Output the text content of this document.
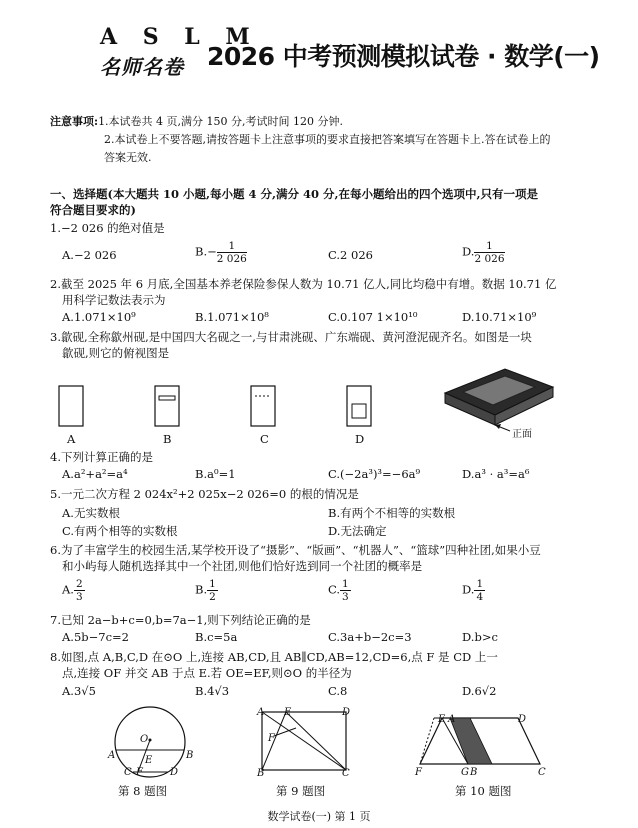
A S L M
名师名卷 2026 中考预测模拟试卷 · 数学(一)
注意事项:1.本试卷共 4 页,满分 150 分,考试时间 120 分钟.
2.本试卷上不要答题,请按答题卡上注意事项的要求直接把答案填写在答题卡上.答在试卷上的
答案无效.
一、选择题(本大题共 10 小题,每小题 4 分,满分 40 分,在每小题给出的四个选项中,只有一项是
符合题目要求的)
1.−2 026 的绝对值是
A.−2 026	$B.- \frac{1}{2 026}$	C.2 026	D. $\frac{1}{2 026}$
2.截至 2025 年 6 月底,全国基本养老保险参保人数为 10.71 亿人,同比均稳中有增。数据 10.71 亿
用科学记数法表示为
A.1.071×10⁹	B.1.071×10⁸	C.0.107 1×10¹⁰	D.10.71×10⁹
3.歙砚,全称歙州砚,是中国四大名砚之一,与甘肃洮砚、广东端砚、黄河澄泥砚齐名。如图是一块
歙砚,则它的俯视图是
A	B	C	D	正面
4.下列计算正确的是
A.a²+a²=a⁴	B.a⁰=1	C.(−2a³)³=−6a⁹	D.a³ · a³=a⁶
5.一元二次方程 2 024x²+2 025x−2 026=0 的根的情况是
A.无实数根	B.有两个不相等的实数根
C.有两个相等的实数根	D.无法确定
6.为了丰富学生的校园生活,某学校开设了“摄影”、“版画”、“机器人”、“篮球”四种社团,如果小豆
和小屿每人随机选择其中一个社团,则他们恰好选到同一个社团的概率是
A. $\frac{2}{3}$	B. $\frac{1}{2}$	C. $\frac{1}{3}$	D. $\frac{1}{4}$
7.已知 2a−b+c=0,b=7a−1,则下列结论正确的是
A.5b−7c=2	B.c=5a	C.3a+b−2c=3	D.b>c
8.如图,点 A,B,C,D 在⊙O 上,连接 AB,CD,且 AB∥CD,AB=12,CD=6,点 F 是 CD 上一
点,连接 OF 并交 AB 于点 E.若 OE=EF,则⊙O 的半径为
A.3√5	B.4√3	C.8	D.6√2
O
A	B
C F
E
D
第 8 题图
A E	D
F
B	C
第 9 题图
E A	D
F	G B	C
第 10 题图
数学试卷(一) 第 1 页
